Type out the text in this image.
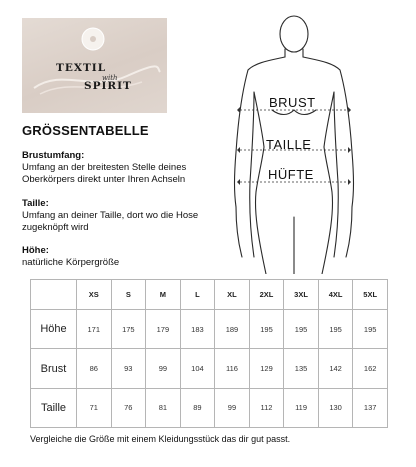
TEXTIL
with
SPIRIT
GRÖSSENTABELLE
Brustumfang:
Umfang an der breitesten Stelle deines
Oberkörpers direkt unter Ihren Achseln
Taille:
Umfang an deiner Taille, dort wo die Hose
zugeknöpft wird
Höhe:
natürliche Körpergröße
BRUST
TAILLE
HÜFTE
	XS	S	M	L	XL	2XL	3XL	4XL	5XL
Höhe	171	175	179	183	189	195	195	195	195
Brust	86	93	99	104	116	129	135	142	162
Taille	71	76	81	89	99	112	119	130	137
Vergleiche die Größe mit einem Kleidungsstück das dir gut passt.
